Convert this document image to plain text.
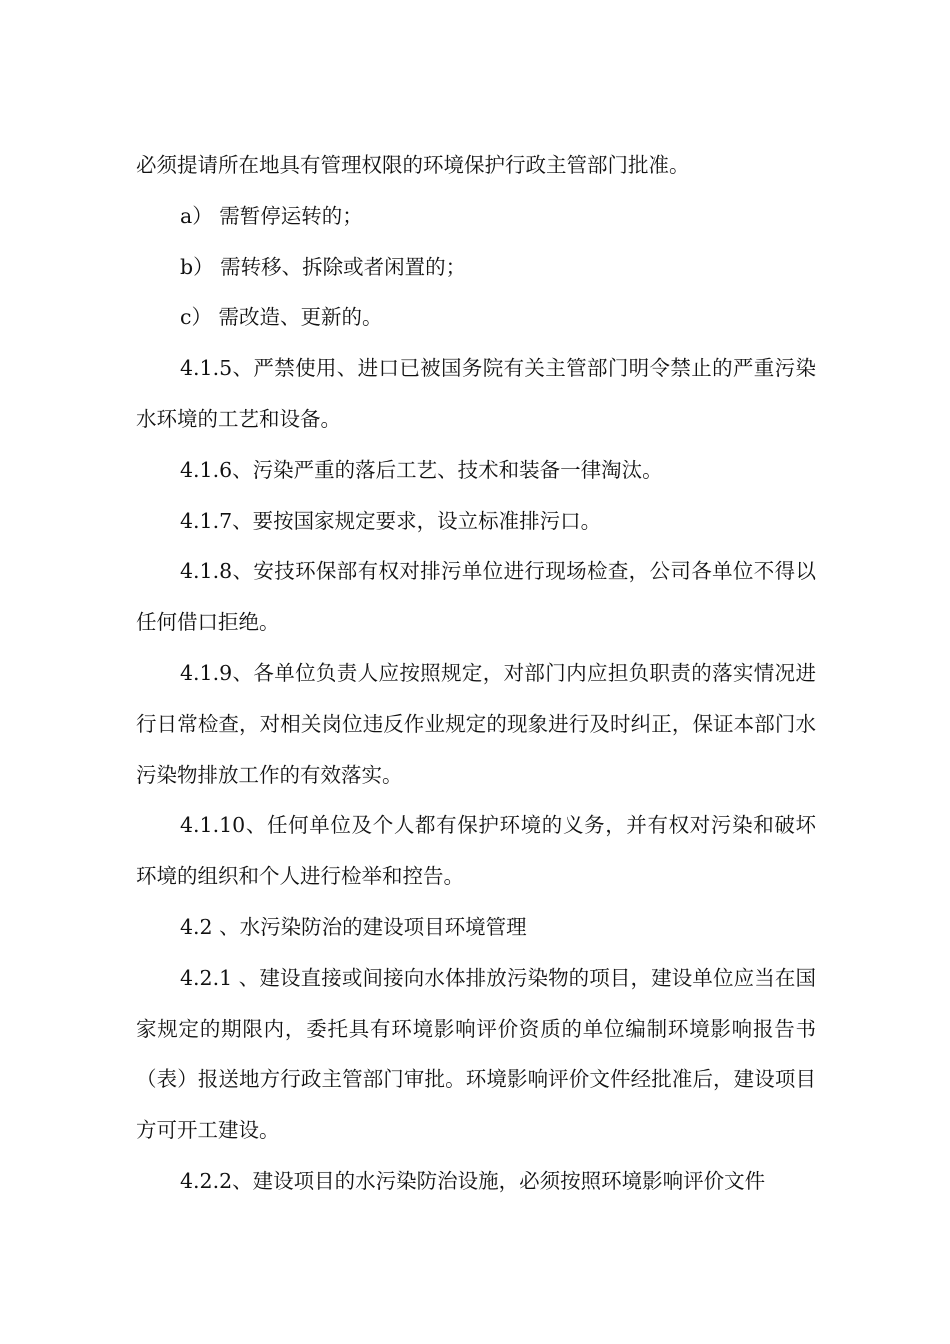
必须提请所在地具有管理权限的环境保护行政主管部门批准。

a） 需暂停运转的；

b） 需转移、拆除或者闲置的；

c） 需改造、更新的。

4.1.5、严禁使用、进口已被国务院有关主管部门明令禁止的严重污染水环境的工艺和设备。

4.1.6、污染严重的落后工艺、技术和装备一律淘汰。

4.1.7、要按国家规定要求，设立标准排污口。

4.1.8、安技环保部有权对排污单位进行现场检查，公司各单位不得以任何借口拒绝。

4.1.9、各单位负责人应按照规定，对部门内应担负职责的落实情况进行日常检查，对相关岗位违反作业规定的现象进行及时纠正，保证本部门水污染物排放工作的有效落实。

4.1.10、任何单位及个人都有保护环境的义务，并有权对污染和破坏环境的组织和个人进行检举和控告。

4.2 、水污染防治的建设项目环境管理

4.2.1 、建设直接或间接向水体排放污染物的项目，建设单位应当在国家规定的期限内，委托具有环境影响评价资质的单位编制环境影响报告书（表）报送地方行政主管部门审批。环境影响评价文件经批准后，建设项目方可开工建设。

4.2.2、建设项目的水污染防治设施，必须按照环境影响评价文件
